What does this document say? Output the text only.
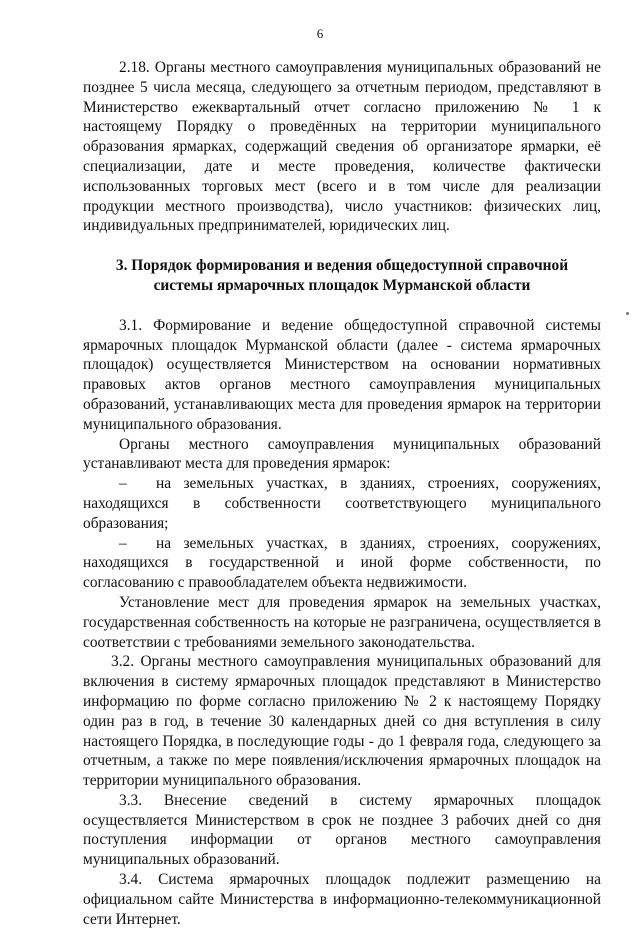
6

2.18. Органы местного самоуправления муниципальных образований не позднее 5 числа месяца, следующего за отчетным периодом, представляют в Министерство ежеквартальный отчет согласно приложению № 1 к настоящему Порядку о проведённых на территории муниципального образования ярмарках, содержащий сведения об организаторе ярмарки, её специализации, дате и месте проведения, количестве фактически использованных торговых мест (всего и в том числе для реализации продукции местного производства), число участников: физических лиц, индивидуальных предпринимателей, юридических лиц.

3. Порядок формирования и ведения общедоступной справочной
системы ярмарочных площадок Мурманской области

3.1. Формирование и ведение общедоступной справочной системы ярмарочных площадок Мурманской области (далее - система ярмарочных площадок) осуществляется Министерством на основании нормативных правовых актов органов местного самоуправления муниципальных образований, устанавливающих места для проведения ярмарок на территории муниципального образования.

Органы местного самоуправления муниципальных образований устанавливают места для проведения ярмарок:

– на земельных участках, в зданиях, строениях, сооружениях, находящихся в собственности соответствующего муниципального образования;

– на земельных участках, в зданиях, строениях, сооружениях, находящихся в государственной и иной форме собственности, по согласованию с правообладателем объекта недвижимости.

Установление мест для проведения ярмарок на земельных участках, государственная собственность на которые не разграничена, осуществляется в соответствии с требованиями земельного законодательства.

3.2. Органы местного самоуправления муниципальных образований для включения в систему ярмарочных площадок представляют в Министерство информацию по форме согласно приложению № 2 к настоящему Порядку один раз в год, в течение 30 календарных дней со дня вступления в силу настоящего Порядка, в последующие годы - до 1 февраля года, следующего за отчетным, а также по мере появления/исключения ярмарочных площадок на территории муниципального образования.

3.3. Внесение сведений в систему ярмарочных площадок осуществляется Министерством в срок не позднее 3 рабочих дней со дня поступления информации от органов местного самоуправления муниципальных образований.

3.4. Система ярмарочных площадок подлежит размещению на официальном сайте Министерства в информационно-телекоммуникационной сети Интернет.
